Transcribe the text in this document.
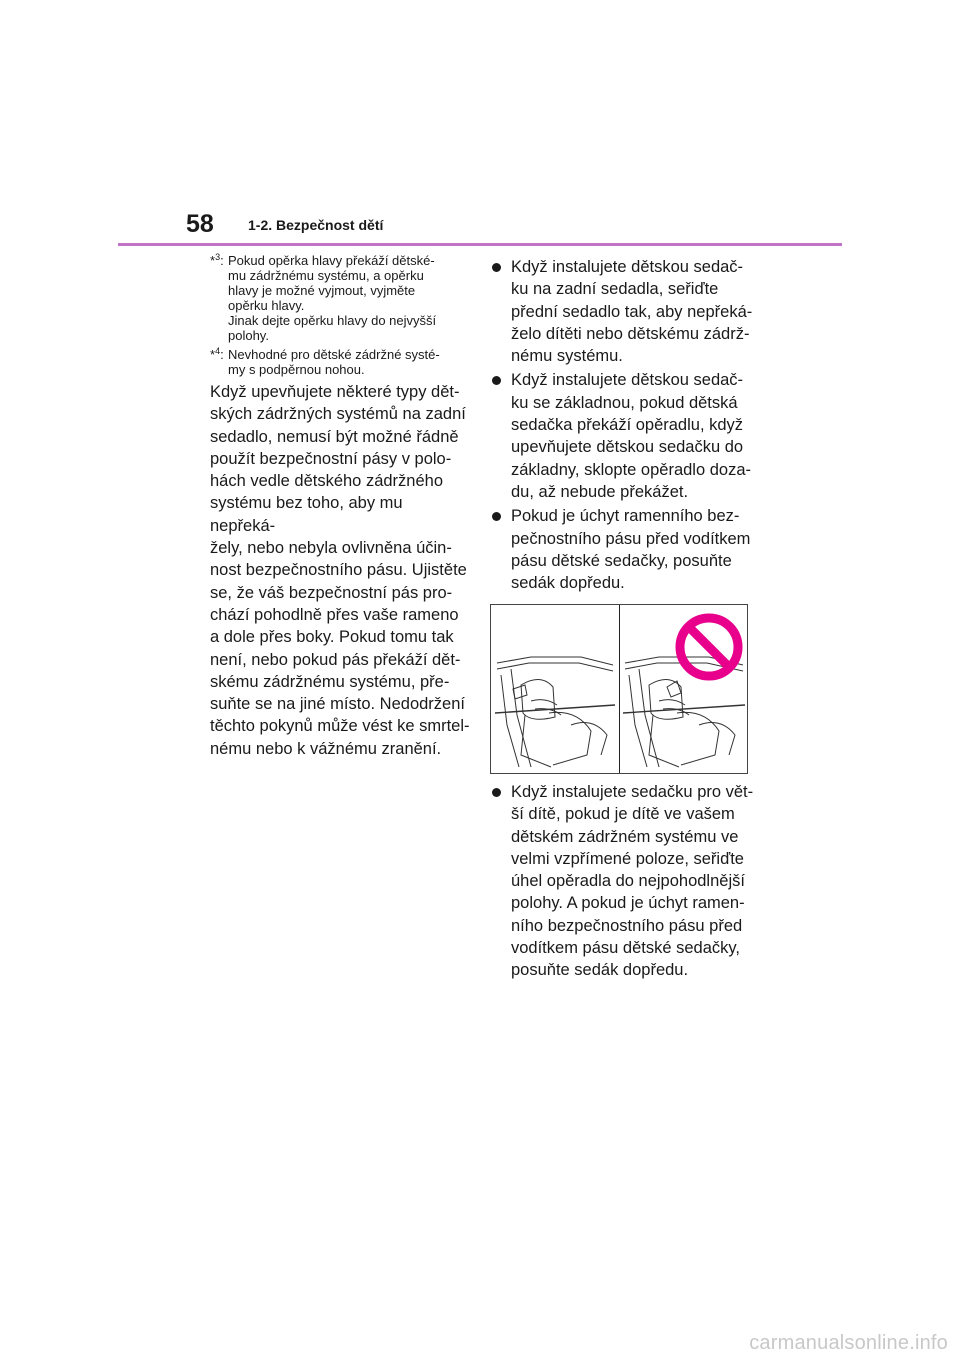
58 1-2. Bezpečnost dětí
*$^3$: Pokud opěrka hlavy překáží dětské-
mu zádržnému systému, a opěrku
hlavy je možné vyjmout, vyjměte
opěrku hlavy.
Jinak dejte opěrku hlavy do nejvyšší
polohy.
*$^4$: Nevhodné pro dětské zádržné systé-
my s podpěrnou nohou.
Když upevňujete některé typy dět-
ských zádržných systémů na zadní
sedadlo, nemusí být možné řádně
použít bezpečnostní pásy v polo-
hách vedle dětského zádržného
systému bez toho, aby mu nepřeká-
žely, nebo nebyla ovlivněna účin-
nost bezpečnostního pásu. Ujistěte
se, že váš bezpečnostní pás pro-
chází pohodlně přes vaše rameno
a dole přes boky. Pokud tomu tak
není, nebo pokud pás překáží dět-
skému zádržnému systému, pře-
suňte se na jiné místo. Nedodržení
těchto pokynů může vést ke smrtel-
nému nebo k vážnému zranění.
Když instalujete dětskou sedač-
ku na zadní sedadla, seřiďte
přední sedadlo tak, aby nepřeká-
želo dítěti nebo dětskému zádrž-
nému systému.
Když instalujete dětskou sedač-
ku se základnou, pokud dětská
sedačka překáží opěradlu, když
upevňujete dětskou sedačku do
základny, sklopte opěradlo doza-
du, až nebude překážet.
Pokud je úchyt ramenního bez-
pečnostního pásu před vodítkem
pásu dětské sedačky, posuňte
sedák dopředu.
Když instalujete sedačku pro vět-
ší dítě, pokud je dítě ve vašem
dětském zádržném systému ve
velmi vzpřímené poloze, seřiďte
úhel opěradla do nejpohodlnější
polohy. A pokud je úchyt ramen-
ního bezpečnostního pásu před
vodítkem pásu dětské sedačky,
posuňte sedák dopředu.
carmanualsonline.info
